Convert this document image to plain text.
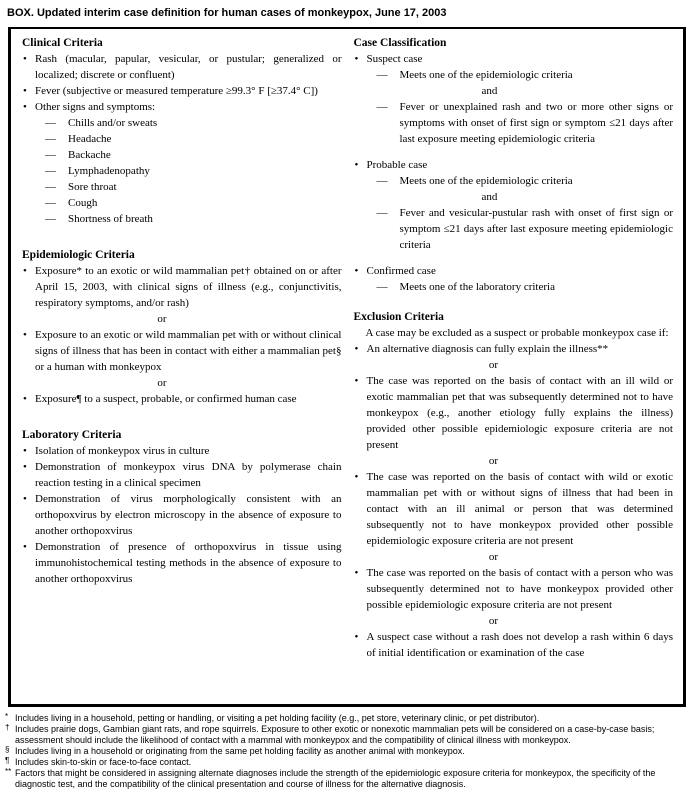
BOX. Updated interim case definition for human cases of monkeypox, June 17, 2003
Clinical Criteria
• Rash (macular, papular, vesicular, or pustular; generalized or localized; discrete or confluent)
• Fever (subjective or measured temperature ≥99.3° F [≥37.4° C])
• Other signs and symptoms:
— Chills and/or sweats
— Headache
— Backache
— Lymphadenopathy
— Sore throat
— Cough
— Shortness of breath
Epidemiologic Criteria
• Exposure* to an exotic or wild mammalian pet† obtained on or after April 15, 2003, with clinical signs of illness (e.g., conjunctivitis, respiratory symptoms, and/or rash)
or
• Exposure to an exotic or wild mammalian pet with or without clinical signs of illness that has been in contact with either a mammalian pet§ or a human with monkeypox
or
• Exposure¶ to a suspect, probable, or confirmed human case
Laboratory Criteria
• Isolation of monkeypox virus in culture
• Demonstration of monkeypox virus DNA by polymerase chain reaction testing in a clinical specimen
• Demonstration of virus morphologically consistent with an orthopoxvirus by electron microscopy in the absence of exposure to another orthopoxvirus
• Demonstration of presence of orthopoxvirus in tissue using immunohistochemical testing methods in the absence of exposure to another orthopoxvirus
Case Classification
• Suspect case
— Meets one of the epidemiologic criteria
and
— Fever or unexplained rash and two or more other signs or symptoms with onset of first sign or symptom ≤21 days after last exposure meeting epidemiologic criteria
• Probable case
— Meets one of the epidemiologic criteria
and
— Fever and vesicular-pustular rash with onset of first sign or symptom ≤21 days after last exposure meeting epidemiologic criteria
• Confirmed case
— Meets one of the laboratory criteria
Exclusion Criteria
A case may be excluded as a suspect or probable monkeypox case if:
• An alternative diagnosis can fully explain the illness**
or
• The case was reported on the basis of contact with an ill wild or exotic mammalian pet that was subsequently determined not to have monkeypox (e.g., another etiology fully explains the illness) provided other possible epidemiologic exposure criteria are not present
or
• The case was reported on the basis of contact with wild or exotic mammalian pet with or without signs of illness that had been in contact with an ill animal or person that was determined subsequently not to have monkeypox provided other possible epidemiologic exposure criteria are not present
or
• The case was reported on the basis of contact with a person who was subsequently determined not to have monkeypox provided other possible epidemiologic exposure criteria are not present
or
• A suspect case without a rash does not develop a rash within 6 days of initial identification or examination of the case
* Includes living in a household, petting or handling, or visiting a pet holding facility (e.g., pet store, veterinary clinic, or pet distributor).
† Includes prairie dogs, Gambian giant rats, and rope squirrels. Exposure to other exotic or nonexotic mammalian pets will be considered on a case-by-case basis; assessment should include the likelihood of contact with a mammal with monkeypox and the compatibility of clinical illness with monkeypox.
§ Includes living in a household or originating from the same pet holding facility as another animal with monkeypox.
¶ Includes skin-to-skin or face-to-face contact.
** Factors that might be considered in assigning alternate diagnoses include the strength of the epidemiologic exposure criteria for monkeypox, the specificity of the diagnostic test, and the compatibility of the clinical presentation and course of illness for the alternative diagnosis.
